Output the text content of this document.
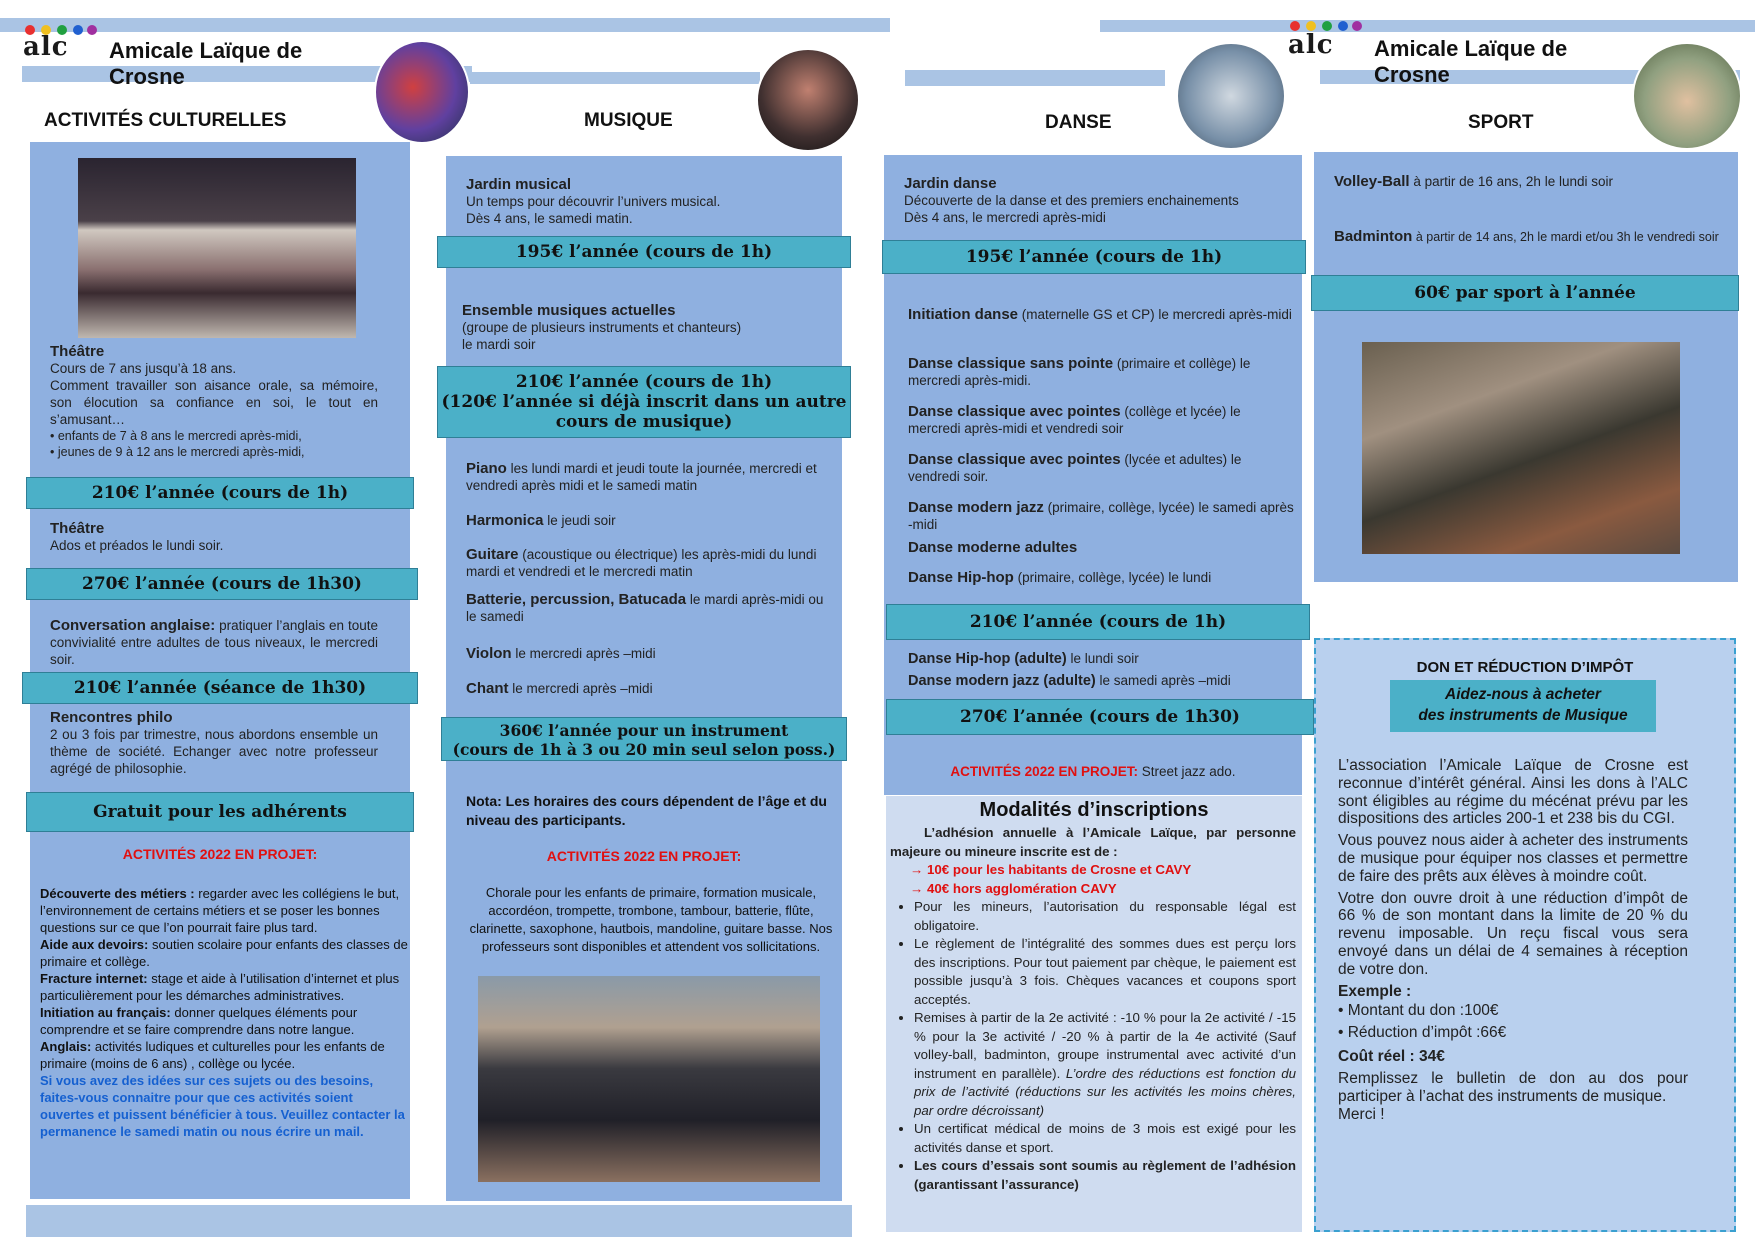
alc Amicale Laïque de Crosne
alc Amicale Laïque de Crosne
ACTIVITÉS CULTURELLES
Théâtre
Cours de 7 ans jusqu’à 18 ans.
Comment travailler son aisance orale, sa mémoire, son élocution sa confiance en soi, le tout en s’amusant…
• enfants de 7 à 8 ans le mercredi après-midi,
• jeunes de 9 à 12 ans le mercredi après-midi,
210€ l’année (cours de 1h)
Théâtre
Ados et préados le lundi soir.
270€ l’année (cours de 1h30)
Conversation anglaise: pratiquer l’anglais en toute convivialité entre adultes de tous niveaux, le mercredi soir.
210€ l’année (séance de 1h30)
Rencontres philo
2 ou 3 fois par trimestre, nous abordons ensemble un thème de société. Echanger avec notre professeur agrégé de philosophie.
Gratuit pour les adhérents
ACTIVITÉS 2022 EN PROJET:
Découverte des métiers : regarder avec les collégiens le but, l’environnement de certains métiers et se poser les bonnes questions sur ce que l’on pourrait faire plus tard.
Aide aux devoirs: soutien scolaire pour enfants des classes de primaire et collège.
Fracture internet: stage et aide à l’utilisation d’internet et plus particulièrement pour les démarches administratives.
Initiation au français: donner quelques éléments pour comprendre et se faire comprendre dans notre langue.
Anglais: activités ludiques et culturelles pour les enfants de primaire (moins de 6 ans) , collège ou lycée.
Si vous avez des idées sur ces sujets ou des besoins, faites-vous connaitre pour que ces activités soient ouvertes et puissent bénéficier à tous. Veuillez contacter la permanence le samedi matin ou nous écrire un mail.
MUSIQUE
Jardin musical
Un temps pour découvrir l’univers musical.
Dès 4 ans, le samedi matin.
195€ l’année (cours de 1h)
Ensemble musiques actuelles
(groupe de plusieurs instruments et chanteurs)
le mardi soir
210€ l’année (cours de 1h)
(120€ l’année si déjà inscrit dans un autre
cours de musique)
Piano les lundi mardi et jeudi toute la journée, mercredi et vendredi après midi et le samedi matin
Harmonica le jeudi soir
Guitare (acoustique ou électrique) les après-midi du lundi mardi et vendredi et le mercredi matin
Batterie, percussion, Batucada le mardi après-midi ou le samedi
Violon le mercredi après –midi
Chant le mercredi après –midi
360€ l’année pour un instrument
(cours de 1h à 3 ou 20 min seul selon poss.)
Nota: Les horaires des cours dépendent de l’âge et du niveau des participants.
ACTIVITÉS 2022 EN PROJET:
Chorale pour les enfants de primaire, formation musicale, accordéon, trompette, trombone, tambour, batterie, flûte, clarinette, saxophone, hautbois, mandoline, guitare basse. Nos professeurs sont disponibles et attendent vos sollicitations.
DANSE
Jardin danse
Découverte de la danse et des premiers enchainements
Dès 4 ans, le mercredi après-midi
195€ l’année (cours de 1h)
Initiation danse (maternelle GS et CP) le mercredi après-midi
Danse classique sans pointe (primaire et collège) le mercredi après-midi.
Danse classique avec pointes (collège et lycée) le mercredi après-midi et vendredi soir
Danse classique avec pointes (lycée et adultes) le vendredi soir.
Danse modern jazz (primaire, collège, lycée) le samedi après -midi
Danse moderne adultes
Danse Hip-hop (primaire, collège, lycée) le lundi
210€ l’année (cours de 1h)
Danse Hip-hop (adulte) le lundi soir
Danse modern jazz (adulte) le samedi après –midi
270€ l’année (cours de 1h30)
ACTIVITÉS 2022 EN PROJET: Street jazz ado.
Modalités d’inscriptions
L’adhésion annuelle à l’Amicale Laïque, par personne majeure ou mineure inscrite est de :
→ 10€ pour les habitants de Crosne et CAVY
→ 40€ hors agglomération CAVY
• Pour les mineurs, l’autorisation du responsable légal est obligatoire.
• Le règlement de l’intégralité des sommes dues est perçu lors des inscriptions. Pour tout paiement par chèque, le paiement est possible jusqu’à 3 fois. Chèques vacances et coupons sport acceptés.
• Remises à partir de la 2e activité : -10 % pour la 2e activité / -15 % pour la 3e activité / -20 % à partir de la 4e activité (Sauf volley-ball, badminton, groupe instrumental avec activité d’un instrument en parallèle). L’ordre des réductions est fonction du prix de l’activité (réductions sur les activités les moins chères, par ordre décroissant)
• Un certificat médical de moins de 3 mois est exigé pour les activités danse et sport.
• Les cours d’essais sont soumis au règlement de l’adhésion (garantissant l’assurance)
SPORT
Volley-Ball à partir de 16 ans, 2h le lundi soir
Badminton à partir de 14 ans, 2h le mardi et/ou 3h le vendredi soir
60€ par sport à l’année
DON ET RÉDUCTION D’IMPÔT
Aidez-nous à acheter
des instruments de Musique
L’association l’Amicale Laïque de Crosne est reconnue d’intérêt général. Ainsi les dons à l’ALC sont éligibles au régime du mécénat prévu par les dispositions des articles 200-1 et 238 bis du CGI.
Vous pouvez nous aider à acheter des instruments de musique pour équiper nos classes et permettre de faire des prêts aux élèves à moindre coût.
Votre don ouvre droit à une réduction d’impôt de 66 % de son montant dans la limite de 20 % du revenu imposable. Un reçu fiscal vous sera envoyé dans un délai de 4 semaines à réception de votre don.
Exemple :
• Montant du don :100€
• Réduction d’impôt :66€
Coût réel : 34€
Remplissez le bulletin de don au dos pour participer à l’achat des instruments de musique.
Merci !
